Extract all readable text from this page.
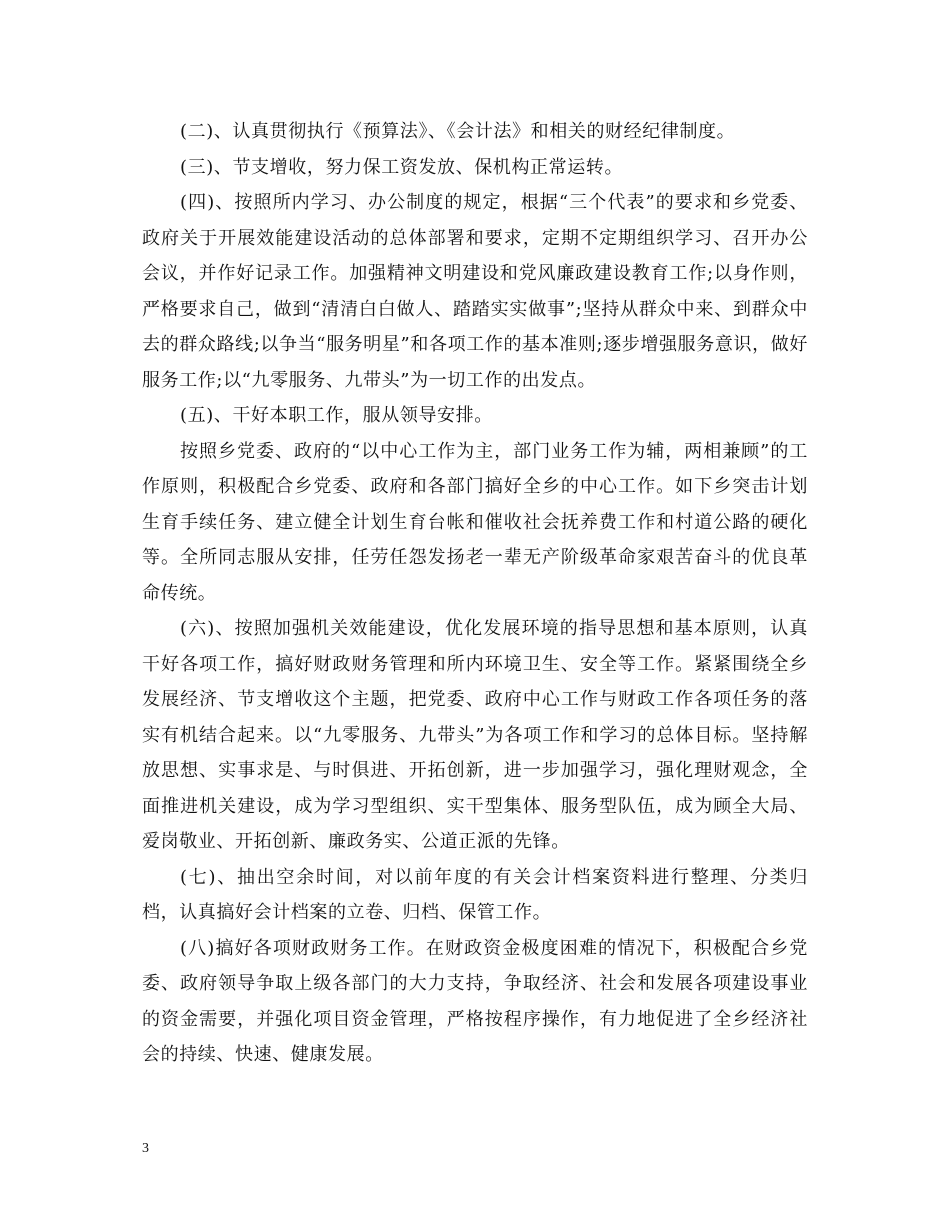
(二)、认真贯彻执行《预算法》、《会计法》和相关的财经纪律制度。

(三)、节支增收，努力保工资发放、保机构正常运转。

(四)、按照所内学习、办公制度的规定，根据“三个代表”的要求和乡党委、政府关于开展效能建设活动的总体部署和要求，定期不定期组织学习、召开办公会议，并作好记录工作。加强精神文明建设和党风廉政建设教育工作;以身作则，严格要求自己，做到“清清白白做人、踏踏实实做事”;坚持从群众中来、到群众中去的群众路线;以争当“服务明星”和各项工作的基本准则;逐步增强服务意识，做好服务工作;以“九零服务、九带头”为一切工作的出发点。

(五)、干好本职工作，服从领导安排。

按照乡党委、政府的“以中心工作为主，部门业务工作为辅，两相兼顾”的工作原则，积极配合乡党委、政府和各部门搞好全乡的中心工作。如下乡突击计划生育手续任务、建立健全计划生育台帐和催收社会抚养费工作和村道公路的硬化等。全所同志服从安排，任劳任怨发扬老一辈无产阶级革命家艰苦奋斗的优良革命传统。

(六)、按照加强机关效能建设，优化发展环境的指导思想和基本原则，认真干好各项工作，搞好财政财务管理和所内环境卫生、安全等工作。紧紧围绕全乡发展经济、节支增收这个主题，把党委、政府中心工作与财政工作各项任务的落实有机结合起来。以“九零服务、九带头”为各项工作和学习的总体目标。坚持解放思想、实事求是、与时俱进、开拓创新，进一步加强学习，强化理财观念，全面推进机关建设，成为学习型组织、实干型集体、服务型队伍，成为顾全大局、爱岗敬业、开拓创新、廉政务实、公道正派的先锋。

(七)、抽出空余时间，对以前年度的有关会计档案资料进行整理、分类归档，认真搞好会计档案的立卷、归档、保管工作。

(八)搞好各项财政财务工作。在财政资金极度困难的情况下，积极配合乡党委、政府领导争取上级各部门的大力支持，争取经济、社会和发展各项建设事业的资金需要，并强化项目资金管理，严格按程序操作，有力地促进了全乡经济社会的持续、快速、健康发展。

3
